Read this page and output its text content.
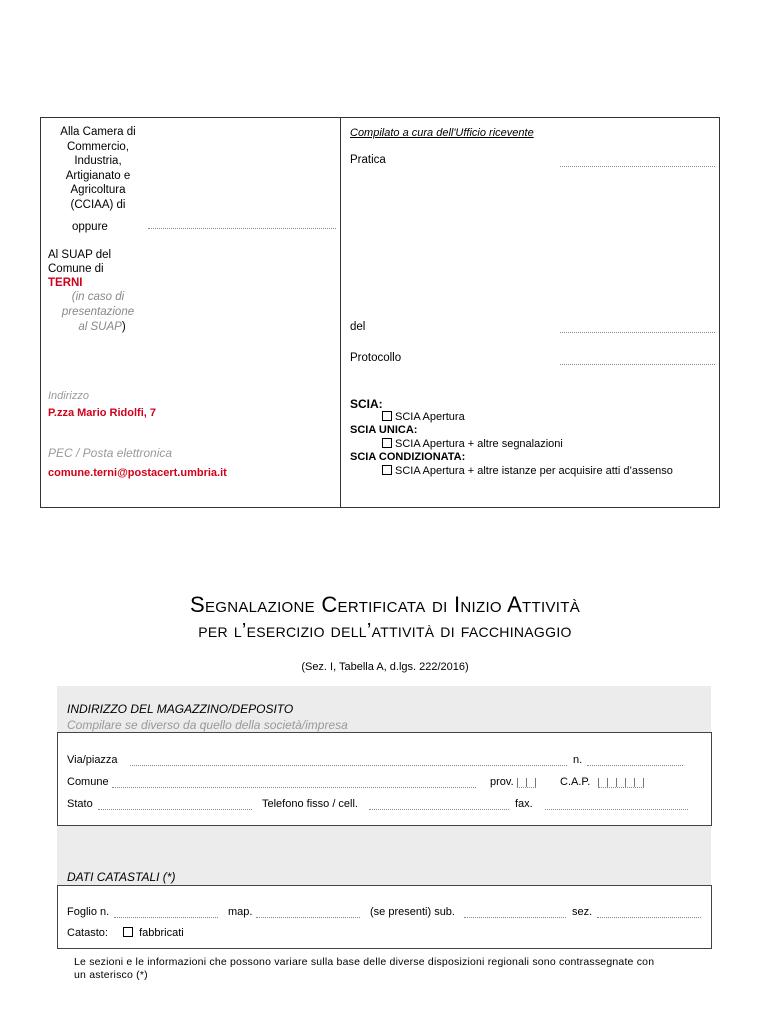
Alla Camera di
Commercio,
Industria,
Artigianato e
Agricoltura
(CCIAA) di
oppure
Al SUAP del
Comune di
TERNI
(in caso di
presentazione
al SUAP)
Indirizzo
P.zza Mario Ridolfi, 7
PEC / Posta elettronica
comune.terni@postacert.umbria.it
Compilato a cura dell'Ufficio ricevente
Pratica
del
Protocollo
SCIA:
SCIA Apertura
SCIA UNICA:
SCIA Apertura + altre segnalazioni
SCIA CONDIZIONATA:
SCIA Apertura + altre istanze per acquisire atti d’assenso
Segnalazione Certificata di Inizio Attività
per l’esercizio dell’attività di facchinaggio
(Sez. I, Tabella A, d.lgs. 222/2016)
INDIRIZZO DEL MAGAZZINO/DEPOSITO
Compilare se diverso da quello della società/impresa
Via/piazza	n.
Comune	prov.	C.A.P.
Stato	Telefono fisso / cell.	fax.
DATI CATASTALI (*)
Foglio n.	map.	(se presenti) sub.	sez.
Catasto:	fabbricati
Le sezioni e le informazioni che possono variare sulla base delle diverse disposizioni regionali sono contrassegnate con
un asterisco (*)
